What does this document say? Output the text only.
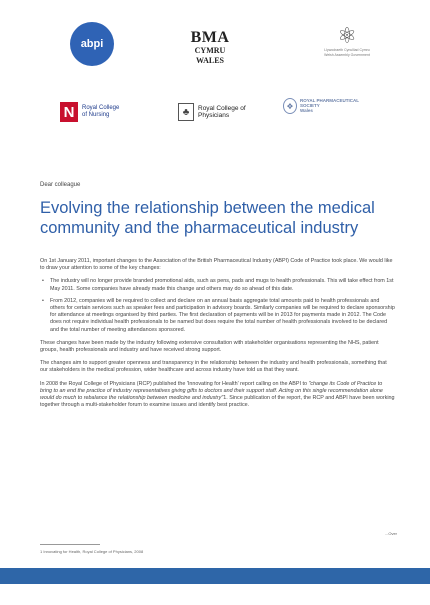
abpi	BMA
CYMRU
WALES
⚛
Llywodraeth Cynulliad Cymru
Welsh Assembly Government
N	Royal College of Nursing	♣	Royal College of Physicians
❖
ROYAL PHARMACEUTICAL SOCIETY
Wales

Dear colleague

Evolving the relationship between the medical community and the pharmaceutical industry

On 1st January 2011, important changes to the Association of the British Pharmaceutical Industry (ABPI) Code of Practice took place. We would like to draw your attention to some of the key changes:

• The industry will no longer provide branded promotional aids, such as pens, pads and mugs to health professionals. This will take effect from 1st May 2011. Some companies have already made this change and others may do so ahead of this date.
• From 2012, companies will be required to collect and declare on an annual basis aggregate total amounts paid to health professionals and others for certain services such as speaker fees and participation in advisory boards. Similarly companies will be required to declare sponsorship for attendance at meetings organised by third parties. The first declaration of payments will be in 2013 for payments made in 2012. The Code does not require individual health professionals to be named but does require the total number of health professionals involved to be declared and the total number of meeting attendances sponsored.

These changes have been made by the industry following extensive consultation with stakeholder organisations representing the NHS, patient groups, health professionals and industry and have received strong support.

The changes aim to support greater openness and transparency in the relationship between the industry and health professionals, something that our stakeholders in the medical profession, wider healthcare and across industry have told us that they want.

In 2008 the Royal College of Physicians (RCP) published the 'Innovating for Health' report calling on the ABPI to "change its Code of Practice to bring to an end the practice of industry representatives giving gifts to doctors and their support staff. Acting on this single recommendation alone would do much to rebalance the relationship between medicine and industry"1. Since publication of the report, the RCP and ABPI have been working together through a multi-stakeholder forum to examine issues and identify best practice.

...Over
1 Innovating for Health, Royal College of Physicians, 2008
